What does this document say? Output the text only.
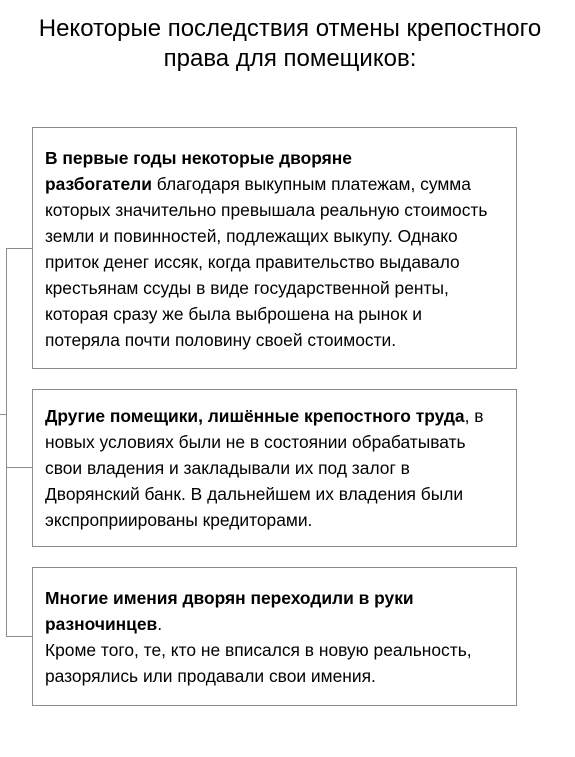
Некоторые последствия отмены крепостного
права для помещиков:
В первые годы некоторые дворяне
разбогатели благодаря выкупным платежам, сумма
которых значительно превышала реальную стоимость
земли и повинностей, подлежащих выкупу. Однако
приток денег иссяк, когда правительство выдавало
крестьянам ссуды в виде государственной ренты,
которая сразу же была выброшена на рынок и
потеряла почти половину своей стоимости.
Другие помещики, лишённые крепостного труда, в
новых условиях были не в состоянии обрабатывать
свои владения и закладывали их под залог в
Дворянский банк. В дальнейшем их владения были
экспроприированы кредиторами.
Многие имения дворян переходили в руки
разночинцев.
Кроме того, те, кто не вписался в новую реальность,
разорялись или продавали свои имения.
